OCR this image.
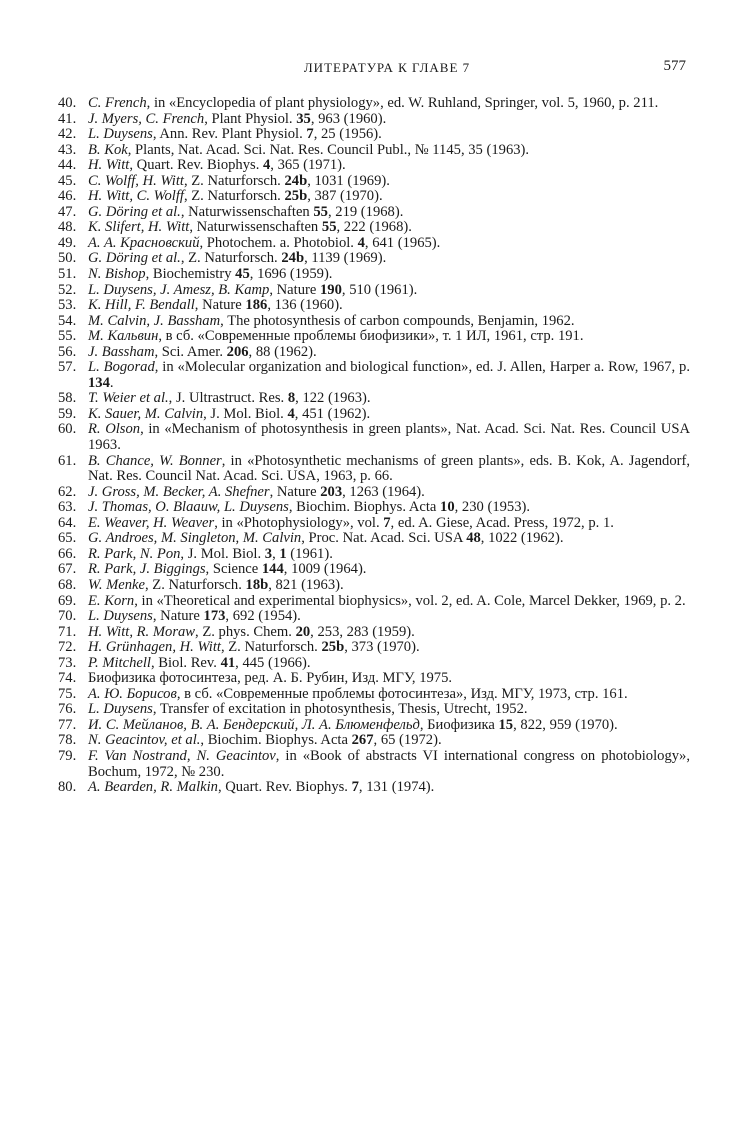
ЛИТЕРАТУРА К ГЛАВЕ 7	577
40. C. French, in «Encyclopedia of plant physiology», ed. W. Ruhland, Springer, vol. 5, 1960, p. 211.
41. J. Myers, C. French, Plant Physiol. 35, 963 (1960).
42. L. Duysens, Ann. Rev. Plant Physiol. 7, 25 (1956).
43. B. Kok, Plants, Nat. Acad. Sci. Nat. Res. Council Publ., № 1145, 35 (1963).
44. H. Witt, Quart. Rev. Biophys. 4, 365 (1971).
45. C. Wolff, H. Witt, Z. Naturforsch. 24b, 1031 (1969).
46. H. Witt, C. Wolff, Z. Naturforsch. 25b, 387 (1970).
47. G. Döring et al., Naturwissenschaften 55, 219 (1968).
48. K. Slifert, H. Witt, Naturwissenschaften 55, 222 (1968).
49. A. A. Красновский, Photochem. a. Photobiol. 4, 641 (1965).
50. G. Döring et al., Z. Naturforsch. 24b, 1139 (1969).
51. N. Bishop, Biochemistry 45, 1696 (1959).
52. L. Duysens, J. Amesz, B. Kamp, Nature 190, 510 (1961).
53. K. Hill, F. Bendall, Nature 186, 136 (1960).
54. M. Calvin, J. Bassham, The photosynthesis of carbon compounds, Benjamin, 1962.
55. M. Кальвин, в сб. «Современные проблемы биофизики», т. 1 ИЛ, 1961, стр. 191.
56. J. Bassham, Sci. Amer. 206, 88 (1962).
57. L. Bogorad, in «Molecular organization and biological function», ed. J. Allen, Harper a. Row, 1967, p. 134.
58. T. Weier et al., J. Ultrastruct. Res. 8, 122 (1963).
59. K. Sauer, M. Calvin, J. Mol. Biol. 4, 451 (1962).
60. R. Olson, in «Mechanism of photosynthesis in green plants», Nat. Acad. Sci. Nat. Res. Council USA 1963.
61. B. Chance, W. Bonner, in «Photosynthetic mechanisms of green plants», eds. B. Kok, A. Jagendorf, Nat. Res. Council Nat. Acad. Sci. USA, 1963, p. 66.
62. J. Gross, M. Becker, A. Shefner, Nature 203, 1263 (1964).
63. J. Thomas, O. Blaauw, L. Duysens, Biochim. Biophys. Acta 10, 230 (1953).
64. E. Weaver, H. Weaver, in «Photophysiology», vol. 7, ed. A. Giese, Acad. Press, 1972, p. 1.
65. G. Androes, M. Singleton, M. Calvin, Proc. Nat. Acad. Sci. USA 48, 1022 (1962).
66. R. Park, N. Pon, J. Mol. Biol. 3, 1 (1961).
67. R. Park, J. Biggings, Science 144, 1009 (1964).
68. W. Menke, Z. Naturforsch. 18b, 821 (1963).
69. E. Korn, in «Theoretical and experimental biophysics», vol. 2, ed. A. Cole, Marcel Dekker, 1969, p. 2.
70. L. Duysens, Nature 173, 692 (1954).
71. H. Witt, R. Moraw, Z. phys. Chem. 20, 253, 283 (1959).
72. H. Grünhagen, H. Witt, Z. Naturforsch. 25b, 373 (1970).
73. P. Mitchell, Biol. Rev. 41, 445 (1966).
74. Биофизика фотосинтеза, ред. А. Б. Рубин, Изд. МГУ, 1975.
75. А. Ю. Борисов, в сб. «Современные проблемы фотосинтеза», Изд. МГУ, 1973, стр. 161.
76. L. Duysens, Transfer of excitation in photosynthesis, Thesis, Utrecht, 1952.
77. И. С. Мейланов, В. А. Бендерский, Л. А. Блюменфельд, Биофизика 15, 822, 959 (1970).
78. N. Geacintov, et al., Biochim. Biophys. Acta 267, 65 (1972).
79. F. Van Nostrand, N. Geacintov, in «Book of abstracts VI international congress on photobiology», Bochum, 1972, № 230.
80. A. Bearden, R. Malkin, Quart. Rev. Biophys. 7, 131 (1974).
